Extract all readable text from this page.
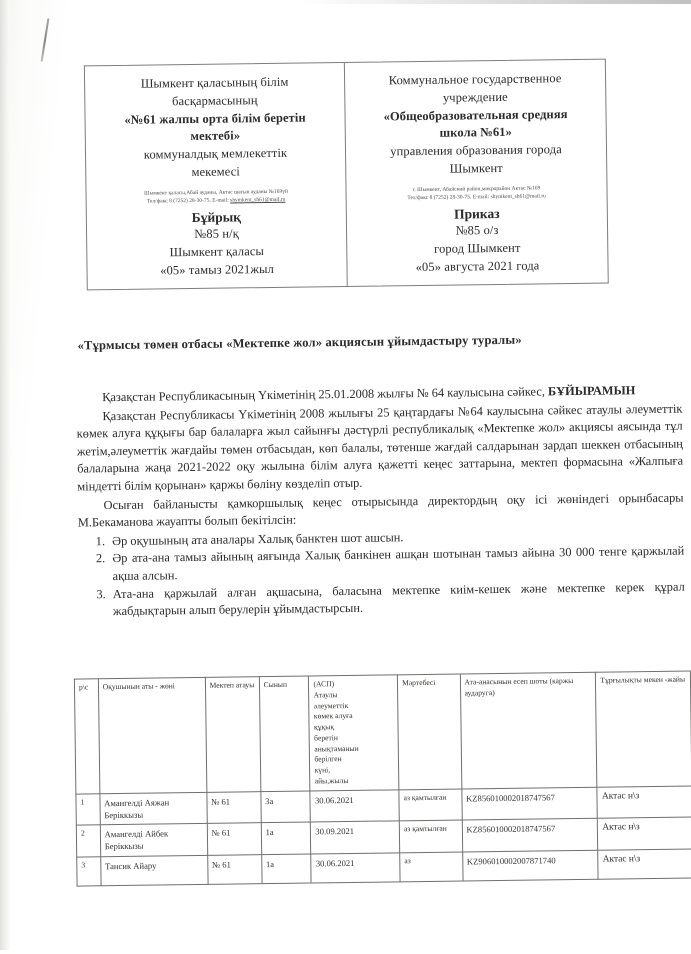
Шымкент қаласының білім
басқармасының
«№61 жалпы орта білім беретін
мектебі»
коммуналдық мемлекеттік
мекемесі
Шымкент қаласы,Абай ауданы, Актас шағын ауданы №169үй
Тел/факс 8 (7252) 28-30-75. E-mail: shymkent_sh61@mail.ru
Бұйрық
№85 н/қ
Шымкент қаласы
«05» тамыз 2021жыл
Коммунальное государственное
учреждение
«Общеобразовательная средняя
школа №61»
управления образования города
Шымкент
г. Шымкент, Абайский район,микрорайон Актас №169
Тел/факс 8 (7252) 28-30-75. E-mail: shymkent_sh61@mail.ru
Приказ
№85 о/з
город Шымкент
«05» августа 2021 года
«Тұрмысы төмен отбасы «Мектепке жол» акциясын ұйымдастыру туралы»

Қазақстан Республикасының Үкіметінің 25.01.2008 жылғы № 64 каулысына сәйкес, БҰЙЫРАМЫН

Қазақстан Республикасы Үкіметінің 2008 жылығы 25 қаңтардағы №64 каулысына сәйкес атаулы әлеуметтік көмек алуға құқығы бар балаларға жыл сайынғы дәстүрлі республикалық «Мектепке жол» акциясы аясында тұл жетім,әлеуметтік жағдайы төмен отбасыдан, көп балалы, төтенше жағдай салдарынан зардап шеккен отбасының балаларына жаңа 2021-2022 оқу жылына білім алуға қажетті кеңес заттарына, мектеп формасына «Жалпыға міндетті білім қорынан» қаржы бөліну көзделіп отыр.

Осыған байланысты қамкоршылық кеңес отырысында директордың оқу ісі жөніндегі орынбасары М.Бекаманова жауапты болып бекітілсін:

1. Әр оқушының ата аналары Халық банктен шот ашсын.
2. Әр ата-ана тамыз айының аяғында Халық банкінен ашқан шотынан тамыз айына 30 000 тенге қаржылай ақша алсын.
3. Ата-ана қаржылай алған ақшасына, баласына мектепке киім-кешек және мектепке керек құрал жабдықтарын алып берулерін ұйымдастырсын.
р\с	Оқушынын аты - жөні	Мектеп атауы	Сынып	(АСП)
Атаулы
әлеуметтік
көмек алуға
құқық
беретін
анықтаманын
берілген
күні,
айы,жылы
	Мәртебесі	Ата-анасынын есеп шоты (каржы аударуга)	Тұрғылықты мекен -жайы
1	Амангелді Аяжан Беріккызы	№ 61	3а	30.06.2021	аз қамтылған	KZ856010002018747567	Актас н\з
2	Амангелді Айбек Беріккызы	№ 61	1а	30.09.2021	аз қамтылған	KZ856010002018747567	Актас н\з
3	Тансик Айару	№ 61	1а	30.06.2021	аз	KZ906010002007871740	Актас н\з
